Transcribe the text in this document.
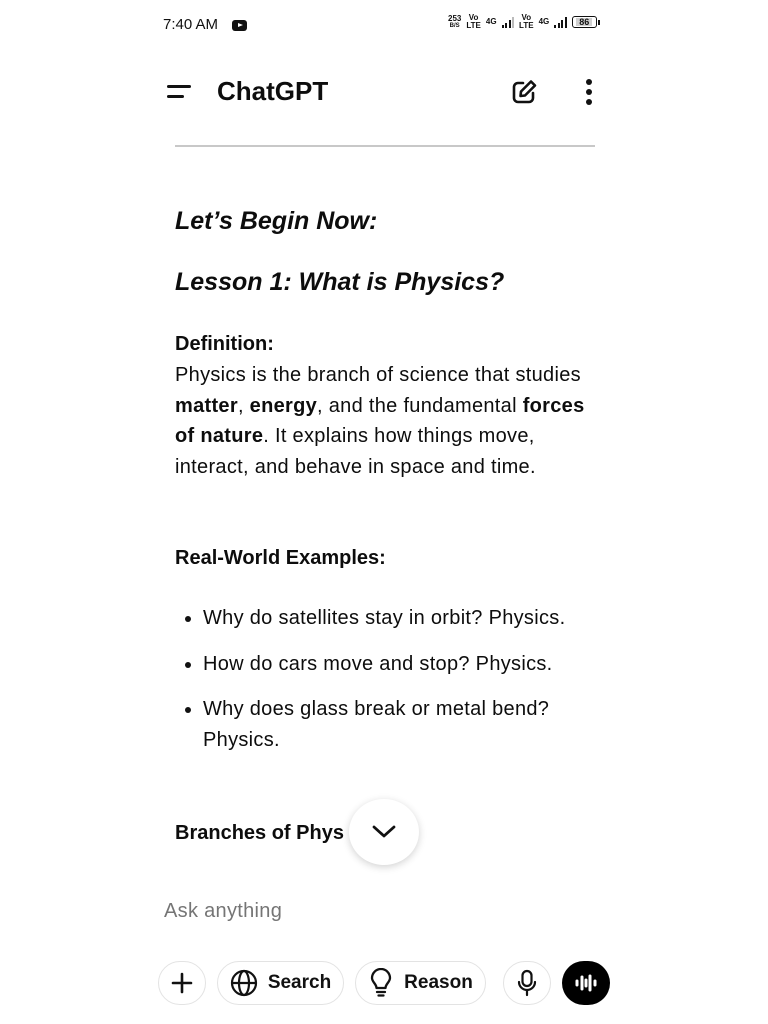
7:40 AM	253
B/S
Vo
LTE 4G	Vo
LTE 4G	86
ChatGPT
Let’s Begin Now:
Lesson 1: What is Physics?
Definition:
Physics is the branch of science that studies matter, energy, and the fundamental forces of nature. It explains how things move, interact, and behave in space and time.
Real-World Examples:
Why do satellites stay in orbit? Physics.
How do cars move and stop? Physics.
Why does glass break or metal bend? Physics.
Branches of Phys
Ask anything
Search	Reason
